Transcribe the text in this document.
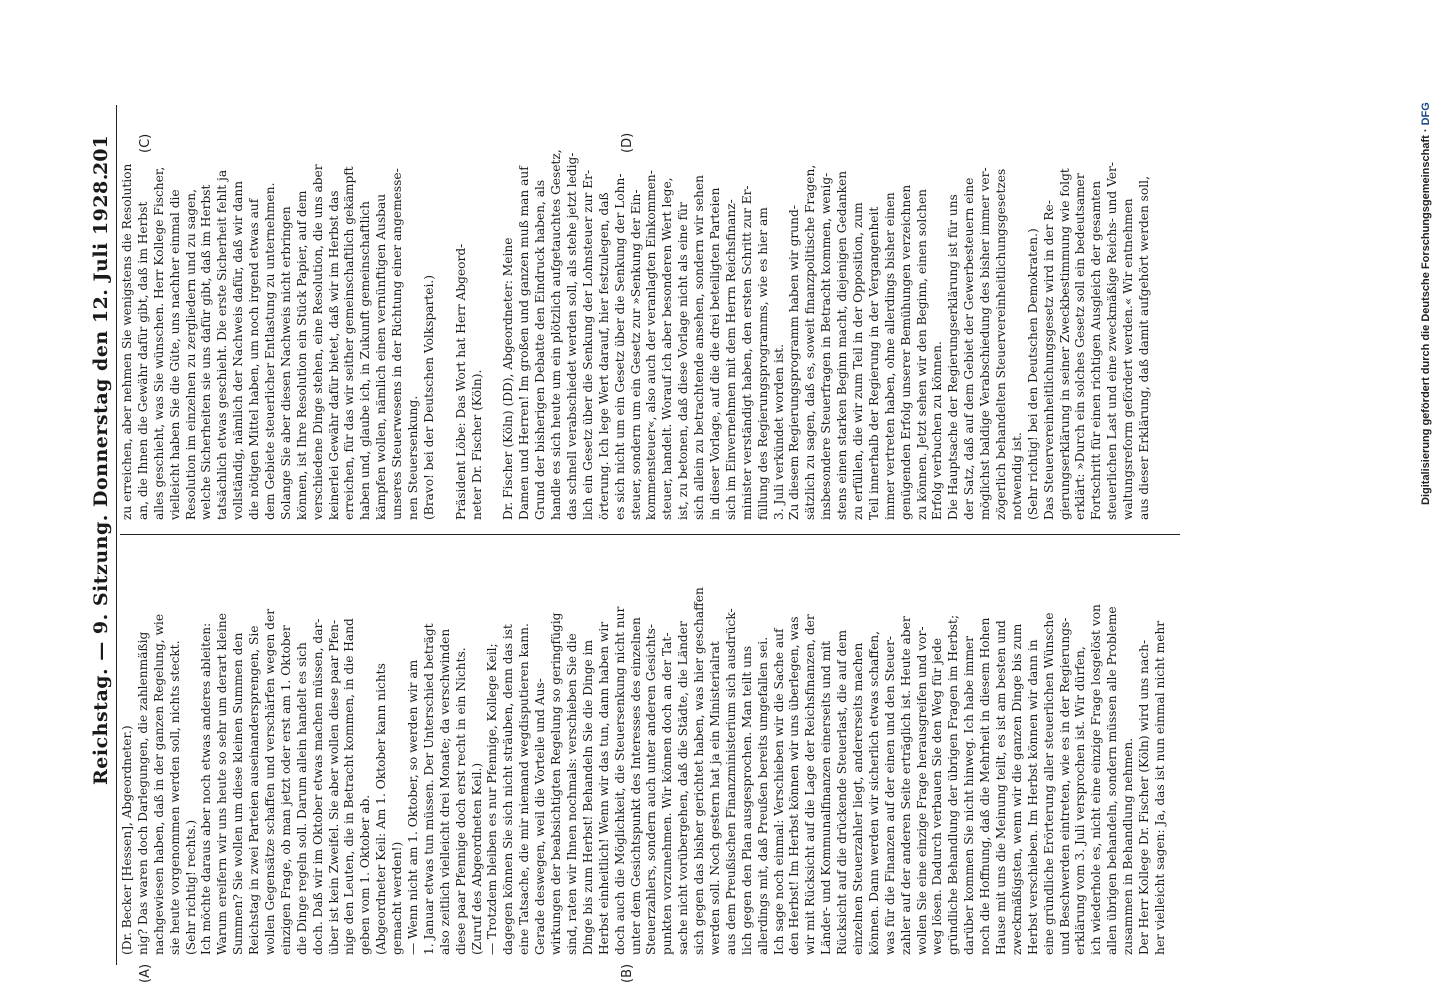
Reichstag. — 9. Sitzung. Donnerstag den 12. Juli 1928.
201
(Dr. Becker [Hessen], Abgeordneter.) nig? Das waren doch Darlegungen, die zahlenmäßig nachgewiesen haben, daß in der ganzen Regelung, wie sie heute vorgenommen werden soll, nichts steckt. (Sehr richtig! rechts.) Ich möchte daraus aber noch etwas anderes ableiten: Warum ereifern wir uns heute so sehr um derart kleine Summen? Sie wollen um diese kleinen Summen den Reichstag in zwei Parteien auseinandersprengen, Sie wollen Gegensätze schaffen und verschärfen wegen der einzigen Frage, ob man jetzt oder erst am 1. Oktober die Dinge regeln soll. Darum allein handelt es sich doch. Daß wir im Oktober etwas machen müssen, dar- über ist kein Zweifel. Sie aber wollen diese paar Pfen- nige den Leuten, die in Betracht kommen, in die Hand geben vom 1. Oktober ab. (Abgeordneter Keil: Am 1. Oktober kann nichts gemacht werden!) — Wenn nicht am 1. Oktober, so werden wir am 1. Januar etwas tun müssen. Der Unterschied beträgt also zeitlich vielleicht drei Monate; da verschwinden diese paar Pfennige doch erst recht in ein Nichts. (Zuruf des Abgeordneten Keil.) — Trotzdem bleiben es nur Pfennige, Kollege Keil; dagegen können Sie sich nicht sträuben, denn das ist eine Tatsache, die mir niemand wegdisputieren kann. Gerade deswegen, weil die Vorteile und Aus- wirkungen der beabsichtigten Regelung so geringfügig sind, raten wir Ihnen nochmals: verschieben Sie die Dinge bis zum Herbst! Behandeln Sie die Dinge im Herbst einheitlich! Wenn wir das tun, dann haben wir doch auch die Möglichkeit, die Steuersenkung nicht nur unter dem Gesichtspunkt des Interesses des einzelnen Steuerzahlers, sondern auch unter anderen Gesichts- punkten vorzunehmen. Wir können doch an der Tat- sache nicht vorübergehen, daß die Städte, die Länder sich gegen das bisher gerichtet haben, was hier geschaffen werden soll. Noch gestern hat ja ein Ministerialrat aus dem Preußischen Finanzministerium sich ausdrück- lich gegen den Plan ausgesprochen. Man teilt uns allerdings mit, daß Preußen bereits umgefallen sei. Ich sage noch einmal: Verschieben wir die Sache auf den Herbst! Im Herbst können wir uns überlegen, was wir mit Rücksicht auf die Lage der Reichsfinanzen, der Länder- und Kommunalfinanzen einerseits und mit Rücksicht auf die drückende Steuerlast, die auf dem einzelnen Steuerzahler liegt, andererseits machen können. Dann werden wir sicherlich etwas schaffen, was für die Finanzen auf der einen und den Steuer- zahler auf der anderen Seite erträglich ist. Heute aber wollen Sie eine einzige Frage herausgreifen und vor- weg lösen. Dadurch verbauen Sie den Weg für jede gründliche Behandlung der übrigen Fragen im Herbst; darüber kommen Sie nicht hinweg. Ich habe immer noch die Hoffnung, daß die Mehrheit in diesem Hohen Hause mit uns die Meinung teilt, es ist am besten und zweckmäßigsten, wenn wir die ganzen Dinge bis zum Herbst verschieben. Im Herbst können wir dann in eine gründliche Erörterung aller steuerlichen Wünsche und Beschwerden eintreten, wie es in der Regierungs- erklärung vom 3. Juli versprochen ist. Wir dürfen, ich wiederhole es, nicht eine einzige Frage losgelöst von allen übrigen behandeln, sondern müssen alle Probleme zusammen in Behandlung nehmen. Der Herr Kollege Dr. Fischer (Köln) wird uns nach- her vielleicht sagen: Ja, das ist nun einmal nicht mehr
zu erreichen, aber nehmen Sie wenigstens die Resolution an, die Ihnen die Gewähr dafür gibt, daß im Herbst alles geschieht, was Sie wünschen. Herr Kollege Fischer, vielleicht haben Sie die Güte, uns nachher einmal die Resolution im einzelnen zu zergliedern und zu sagen, welche Sicherheiten sie uns dafür gibt, daß im Herbst tatsächlich etwas geschieht. Die erste Sicherheit fehlt ja vollständig, nämlich der Nachweis dafür, daß wir dann die nötigen Mittel haben, um noch irgend etwas auf dem Gebiete steuerlicher Entlastung zu unternehmen. Solange Sie aber diesen Nachweis nicht erbringen können, ist Ihre Resolution ein Stück Papier, auf dem verschiedene Dinge stehen, eine Resolution, die uns aber keinerlei Gewähr dafür bietet, daß wir im Herbst das erreichen, für das wir seither gemeinschaftlich gekämpft haben und, glaube ich, in Zukunft gemeinschaftlich kämpfen wollen, nämlich einen vernünftigen Ausbau unseres Steuerwesens in der Richtung einer angemesse- nen Steuersenkung. (Bravo! bei der Deutschen Volkspartei.) Präsident Löbe: Das Wort hat Herr Abgeord- neter Dr. Fischer (Köln). Dr. Fischer (Köln) (DD), Abgeordneter: Meine Damen und Herren! Im großen und ganzen muß man auf Grund der bisherigen Debatte den Eindruck haben, als handle es sich heute um ein plötzlich aufgetauchtes Gesetz, das schnell verabschiedet werden soll, als stehe jetzt ledig- lich ein Gesetz über die Senkung der Lohnsteuer zur Er- örterung. Ich lege Wert darauf, hier festzulegen, daß es sich nicht um ein Gesetz über die Senkung der Lohn- steuer, sondern um ein Gesetz zur »Senkung der Ein- kommensteuer«, also auch der veranlagten Einkommen- steuer, handelt. Worauf ich aber besonderen Wert lege, ist, zu betonen, daß diese Vorlage nicht als eine für sich allein zu betrachtende ansehen, sondern wir sehen in dieser Vorlage, auf die die drei beteiligten Parteien sich im Einvernehmen mit dem Herrn Reichsfinanz- minister verständigt haben, den ersten Schritt zur Er- füllung des Regierungsprogramms, wie es hier am 3. Juli verkündet worden ist. Zu diesem Regierungsprogramm haben wir grund- sätzlich zu sagen, daß es, soweit finanzpolitische Fragen, insbesondere Steuerfragen in Betracht kommen, wenig- stens einen starken Beginn macht, diejenigen Gedanken zu erfüllen, die wir zum Teil in der Opposition, zum Teil innerhalb der Regierung in der Vergangenheit immer vertreten haben, ohne allerdings bisher einen genügenden Erfolg unserer Bemühungen verzeichnen zu können. Jetzt sehen wir den Beginn, einen solchen Erfolg verbuchen zu können. Die Hauptsache der Regierungserklärung ist für uns der Satz, daß auf dem Gebiet der Gewerbesteuern eine möglichst baldige Verabschiedung des bisher immer ver- zögerlich behandelten Steuervereinheitlichungsgesetzes notwendig ist. (Sehr richtig! bei den Deutschen Demokraten.) Das Steuervereinheitlichungsgesetz wird in der Re- gierungserklärung in seiner Zweckbestimmung wie folgt erklärt: »Durch ein solches Gesetz soll ein bedeutsamer Fortschritt für einen richtigen Ausgleich der gesamten steuerlichen Last und eine zweckmäßige Reichs- und Ver- waltungsreform gefördert werden.« Wir entnehmen aus dieser Erklärung, daß damit aufgehört werden soll,
(A)	(B)
(C)	(D)	Digitalisierung gefördert durch die Deutsche Forschungsgemeinschaft · DFG
